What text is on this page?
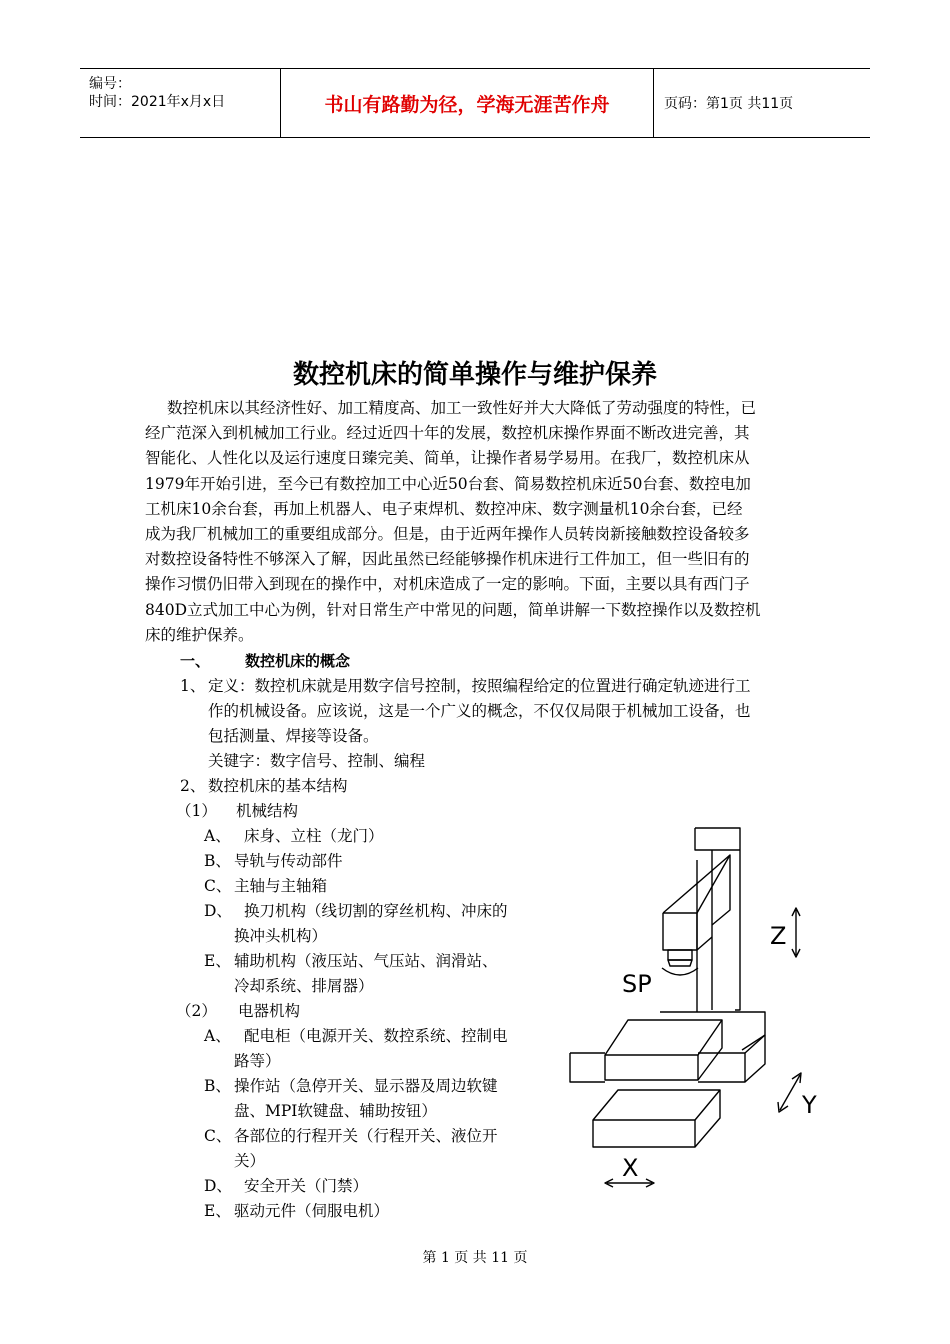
编号：
时间：2021年x月x日	书山有路勤为径，学海无涯苦作舟	页码：第1页 共11页
数控机床的简单操作与维护保养
数控机床以其经济性好、加工精度高、加工一致性好并大大降低了劳动强度的特性，已
经广范深入到机械加工行业。经过近四十年的发展，数控机床操作界面不断改进完善，其
智能化、人性化以及运行速度日臻完美、简单，让操作者易学易用。在我厂，数控机床从
1979年开始引进，至今已有数控加工中心近50台套、简易数控机床近50台套、数控电加
工机床10余台套，再加上机器人、电子束焊机、数控冲床、数字测量机10余台套，已经
成为我厂机械加工的重要组成部分。但是，由于近两年操作人员转岗新接触数控设备较多
对数控设备特性不够深入了解，因此虽然已经能够操作机床进行工件加工，但一些旧有的
操作习惯仍旧带入到现在的操作中，对机床造成了一定的影响。下面，主要以具有西门子
840D立式加工中心为例，针对日常生产中常见的问题，简单讲解一下数控操作以及数控机
床的维护保养。
一、 数控机床的概念
1、 定义：数控机床就是用数字信号控制，按照编程给定的位置进行确定轨迹进行工
作的机械设备。应该说，这是一个广义的概念，不仅仅局限于机械加工设备，也
包括测量、焊接等设备。
关键字：数字信号、控制、编程
2、 数控机床的基本结构
（1） 机械结构
A、 床身、立柱（龙门）
B、 导轨与传动部件
C、 主轴与主轴箱
D、 换刀机构（线切割的穿丝机构、冲床的
换冲头机构）
E、 辅助机构（液压站、气压站、润滑站、
冷却系统、排屑器）
（2） 电器机构
A、 配电柜（电源开关、数控系统、控制电
路等）
B、 操作站（急停开关、显示器及周边软键
盘、MPI软键盘、辅助按钮）
C、 各部位的行程开关（行程开关、液位开
关）
D、 安全开关（门禁）
E、 驱动元件（伺服电机）
Z
SP
Y
X
第 1 页 共 11 页
